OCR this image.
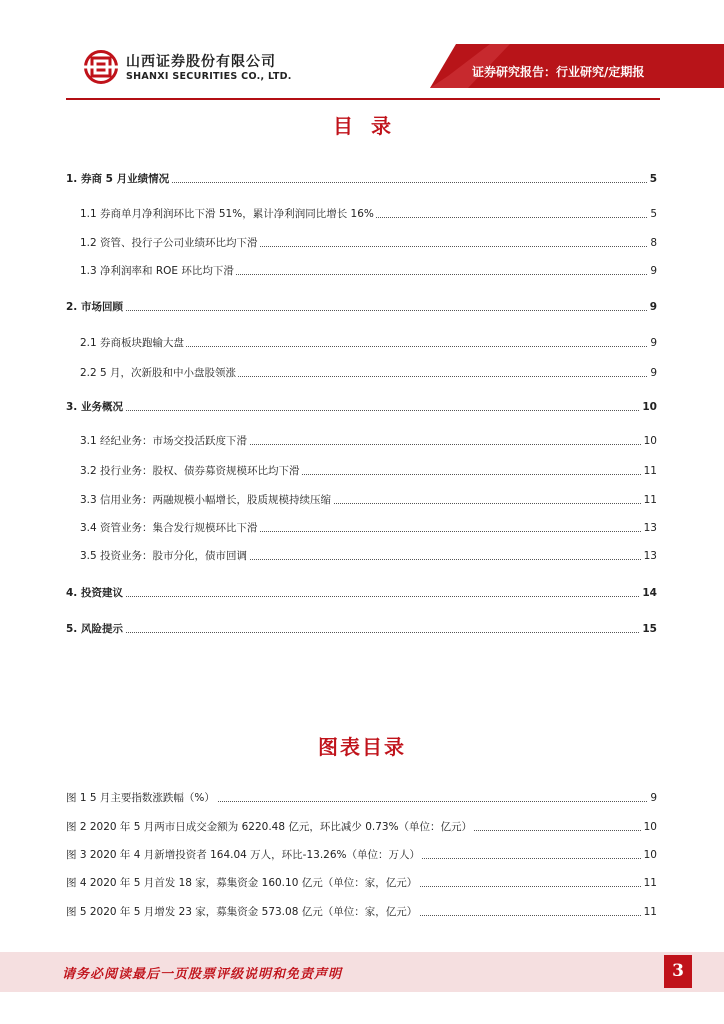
山西证券股份有限公司
SHANXI SECURITIES CO., LTD.	证券研究报告：行业研究/定期报
目录
1. 券商 5 月业绩情况	5
1.1 券商单月净利润环比下滑 51%，累计净利润同比增长 16%	5
1.2 资管、投行子公司业绩环比均下滑	8
1.3 净利润率和 ROE 环比均下滑	9
2. 市场回顾	9
2.1 券商板块跑输大盘	9
2.2 5 月，次新股和中小盘股领涨	9
3. 业务概况	10
3.1 经纪业务：市场交投活跃度下滑	10
3.2 投行业务：股权、债券募资规模环比均下滑	11
3.3 信用业务：两融规模小幅增长，股质规模持续压缩	11
3.4 资管业务：集合发行规模环比下滑	13
3.5 投资业务：股市分化，债市回调	13
4. 投资建议	14
5. 风险提示	15
图表目录
图 1 5 月主要指数涨跌幅（%）	9
图 2 2020 年 5 月两市日成交金额为 6220.48 亿元，环比减少 0.73%（单位：亿元）	10
图 3 2020 年 4 月新增投资者 164.04 万人，环比-13.26%（单位：万人）	10
图 4 2020 年 5 月首发 18 家，募集资金 160.10 亿元（单位：家，亿元）	11
图 5 2020 年 5 月增发 23 家，募集资金 573.08 亿元（单位：家，亿元）	11
请务必阅读最后一页股票评级说明和免责声明	3
